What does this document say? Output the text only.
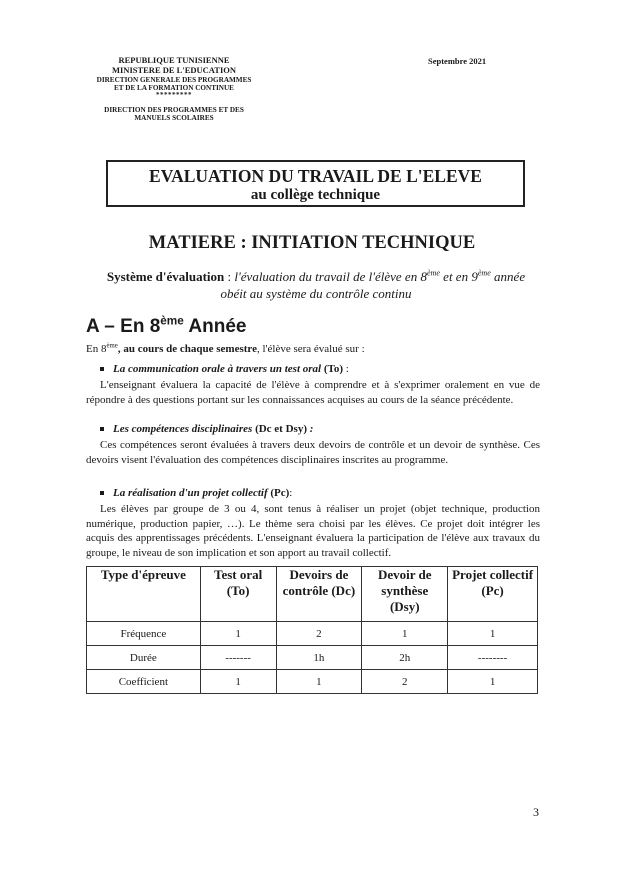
REPUBLIQUE TUNISIENNE
MINISTERE DE L'EDUCATION
DIRECTION GENERALE DES PROGRAMMES
ET DE LA FORMATION CONTINUE
*********
DIRECTION DES PROGRAMMES ET DES
MANUELS SCOLAIRES
Septembre 2021
EVALUATION DU TRAVAIL DE L'ELEVE
au collège technique
MATIERE : INITIATION TECHNIQUE
Système d'évaluation : l'évaluation du travail de l'élève en 8ème et en 9ème année obéit au système du contrôle continu
A – En 8ème Année

En 8ème, au cours de chaque semestre, l'élève sera évalué sur :

La communication orale à travers un test oral (To) :

L'enseignant évaluera la capacité de l'élève à comprendre et à s'exprimer oralement en vue de répondre à des questions portant sur les connaissances acquises au cours de la séance précédente.

Les compétences disciplinaires (Dc et Dsy) :

Ces compétences seront évaluées à travers deux devoirs de contrôle et un devoir de synthèse. Ces devoirs visent l'évaluation des compétences disciplinaires inscrites au programme.

La réalisation d'un projet collectif (Pc):

Les élèves par groupe de 3 ou 4, sont tenus à réaliser un projet (objet technique, production numérique, production papier, …). Le thème sera choisi par les élèves. Ce projet doit intégrer les acquis des apprentissages précédents. L'enseignant évaluera la participation de l'élève aux travaux du groupe, le niveau de son implication et son apport au travail collectif.

Type d'épreuve	Test oral (To)	Devoirs de contrôle (Dc)	Devoir de synthèse (Dsy)	Projet collectif (Pc)
Fréquence	1	2	1	1
Durée	-------	1h	2h	--------
Coefficient	1	1	2	1
3
